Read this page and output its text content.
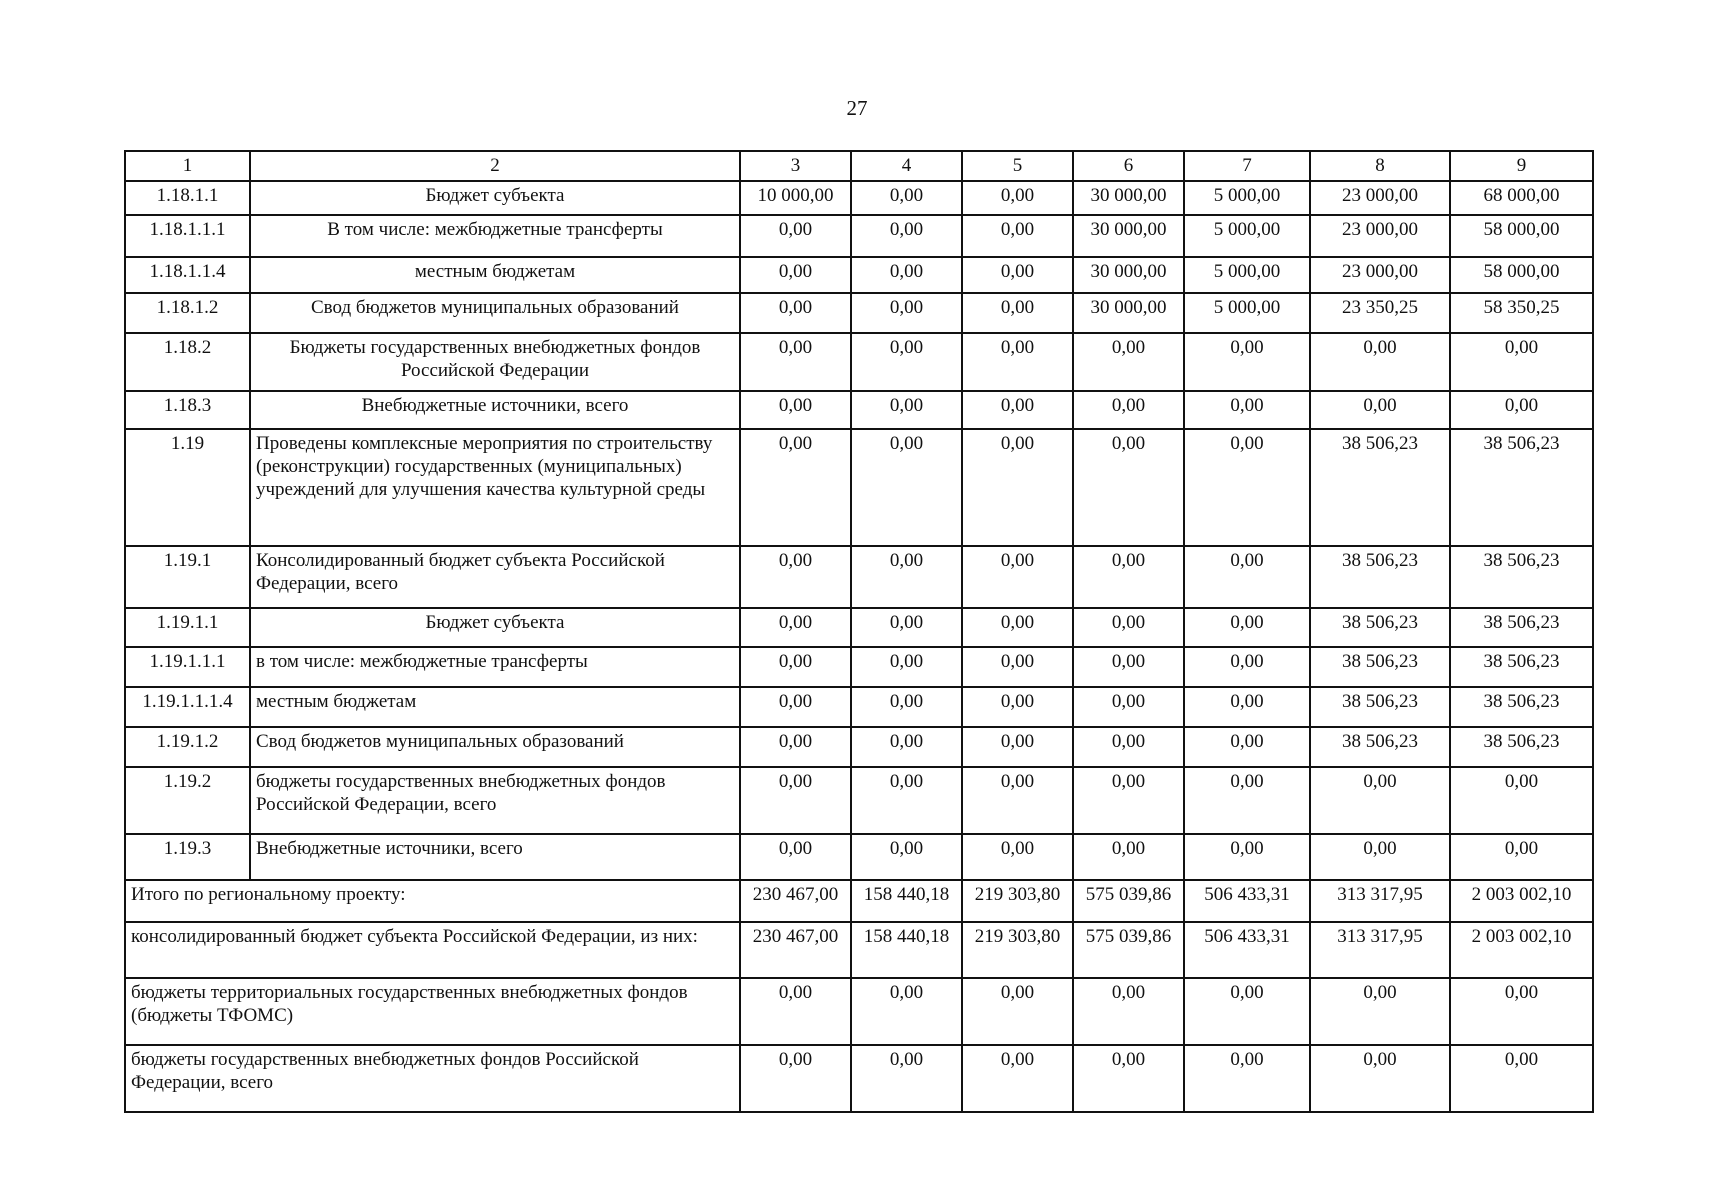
27
1	2	3	4	5	6	7	8	9
1.18.1.1	Бюджет субъекта	10 000,00	0,00	0,00	30 000,00	5 000,00	23 000,00	68 000,00
1.18.1.1.1	В том числе: межбюджетные трансферты	0,00	0,00	0,00	30 000,00	5 000,00	23 000,00	58 000,00
1.18.1.1.4	местным бюджетам	0,00	0,00	0,00	30 000,00	5 000,00	23 000,00	58 000,00
1.18.1.2	Свод бюджетов муниципальных образований	0,00	0,00	0,00	30 000,00	5 000,00	23 350,25	58 350,25
1.18.2	Бюджеты государственных внебюджетных фондов Российской Федерации	0,00	0,00	0,00	0,00	0,00	0,00	0,00
1.18.3	Внебюджетные источники, всего	0,00	0,00	0,00	0,00	0,00	0,00	0,00
1.19	Проведены комплексные мероприятия по строительству (реконструкции) государственных (муниципальных) учреждений для улучшения качества культурной среды	0,00	0,00	0,00	0,00	0,00	38 506,23	38 506,23
1.19.1	Консолидированный бюджет субъекта Российской Федерации, всего	0,00	0,00	0,00	0,00	0,00	38 506,23	38 506,23
1.19.1.1	Бюджет субъекта	0,00	0,00	0,00	0,00	0,00	38 506,23	38 506,23
1.19.1.1.1	в том числе: межбюджетные трансферты	0,00	0,00	0,00	0,00	0,00	38 506,23	38 506,23
1.19.1.1.1.4	местным бюджетам	0,00	0,00	0,00	0,00	0,00	38 506,23	38 506,23
1.19.1.2	Свод бюджетов муниципальных образований	0,00	0,00	0,00	0,00	0,00	38 506,23	38 506,23
1.19.2	бюджеты государственных внебюджетных фондов Российской Федерации, всего	0,00	0,00	0,00	0,00	0,00	0,00	0,00
1.19.3	Внебюджетные источники, всего	0,00	0,00	0,00	0,00	0,00	0,00	0,00
Итого по региональному проекту:		230 467,00	158 440,18	219 303,80	575 039,86	506 433,31	313 317,95	2 003 002,10
консолидированный бюджет субъекта Российской Федерации, из них:		230 467,00	158 440,18	219 303,80	575 039,86	506 433,31	313 317,95	2 003 002,10
бюджеты территориальных государственных внебюджетных фондов (бюджеты ТФОМС)		0,00	0,00	0,00	0,00	0,00	0,00	0,00
бюджеты государственных внебюджетных фондов Российской Федерации, всего		0,00	0,00	0,00	0,00	0,00	0,00	0,00
